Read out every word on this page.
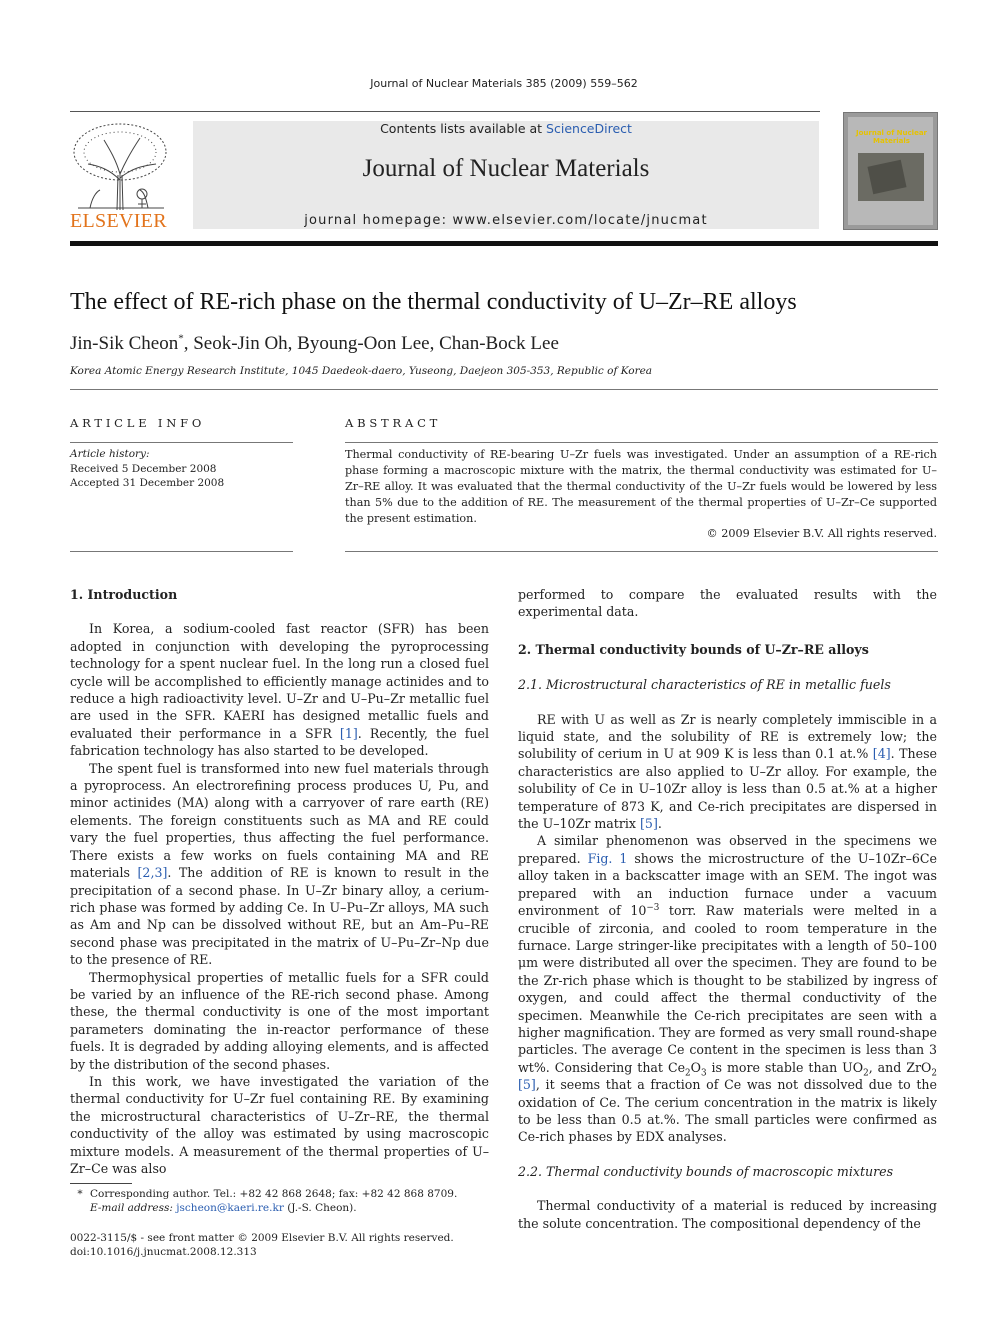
Journal of Nuclear Materials 385 (2009) 559–562
ELSEVIER
Contents lists available at ScienceDirect
Journal of Nuclear Materials
journal homepage: www.elsevier.com/locate/jnucmat
Journal of Nuclear Materials
The effect of RE-rich phase on the thermal conductivity of U–Zr–RE alloys
Jin-Sik Cheon*, Seok-Jin Oh, Byoung-Oon Lee, Chan-Bock Lee
Korea Atomic Energy Research Institute, 1045 Daedeok-daero, Yuseong, Daejeon 305-353, Republic of Korea
ARTICLE INFO
Article history:
Received 5 December 2008
Accepted 31 December 2008
ABSTRACT
Thermal conductivity of RE-bearing U–Zr fuels was investigated. Under an assumption of a RE-rich phase forming a macroscopic mixture with the matrix, the thermal conductivity was estimated for U–Zr–RE alloy. It was evaluated that the thermal conductivity of the U–Zr fuels would be lowered by less than 5% due to the addition of RE. The measurement of the thermal properties of U–Zr–Ce supported the present estimation.
© 2009 Elsevier B.V. All rights reserved.
1. Introduction

In Korea, a sodium-cooled fast reactor (SFR) has been adopted in conjunction with developing the pyroprocessing technology for a spent nuclear fuel. In the long run a closed fuel cycle will be accomplished to efficiently manage actinides and to reduce a high radioactivity level. U–Zr and U–Pu–Zr metallic fuel are used in the SFR. KAERI has designed metallic fuels and evaluated their performance in a SFR [1]. Recently, the fuel fabrication technology has also started to be developed.

The spent fuel is transformed into new fuel materials through a pyroprocess. An electrorefining process produces U, Pu, and minor actinides (MA) along with a carryover of rare earth (RE) elements. The foreign constituents such as MA and RE could vary the fuel properties, thus affecting the fuel performance. There exists a few works on fuels containing MA and RE materials [2,3]. The addition of RE is known to result in the precipitation of a second phase. In U–Zr binary alloy, a cerium-rich phase was formed by adding Ce. In U–Pu–Zr alloys, MA such as Am and Np can be dissolved without RE, but an Am–Pu–RE second phase was precipitated in the matrix of U–Pu–Zr–Np due to the presence of RE.

Thermophysical properties of metallic fuels for a SFR could be varied by an influence of the RE-rich second phase. Among these, the thermal conductivity is one of the most important parameters dominating the in-reactor performance of these fuels. It is degraded by adding alloying elements, and is affected by the distribution of the second phases.

In this work, we have investigated the variation of the thermal conductivity for U–Zr fuel containing RE. By examining the microstructural characteristics of U–Zr–RE, the thermal conductivity of the alloy was estimated by using macroscopic mixture models. A measurement of the thermal properties of U–Zr–Ce was also

performed to compare the evaluated results with the experimental data.

2. Thermal conductivity bounds of U–Zr–RE alloys
2.1. Microstructural characteristics of RE in metallic fuels

RE with U as well as Zr is nearly completely immiscible in a liquid state, and the solubility of RE is extremely low; the solubility of cerium in U at 909 K is less than 0.1 at.% [4]. These characteristics are also applied to U–Zr alloy. For example, the solubility of Ce in U–10Zr alloy is less than 0.5 at.% at a higher temperature of 873 K, and Ce-rich precipitates are dispersed in the U–10Zr matrix [5].

A similar phenomenon was observed in the specimens we prepared. Fig. 1 shows the microstructure of the U–10Zr–6Ce alloy taken in a backscatter image with an SEM. The ingot was prepared with an induction furnace under a vacuum environment of $10^{-3}$ torr. Raw materials were melted in a crucible of zirconia, and cooled to room temperature in the furnace. Large stringer-like precipitates with a length of 50–100 μm were distributed all over the specimen. They are found to be the Zr-rich phase which is thought to be stabilized by ingress of oxygen, and could affect the thermal conductivity of the specimen. Meanwhile the Ce-rich precipitates are seen with a higher magnification. They are formed as very small round-shape particles. The average Ce content in the specimen is less than 3 wt%. Considering that $Ce_2O_3$ is more stable than $UO_2$, and ZrO$_2$ [5], it seems that a fraction of Ce was not dissolved due to the oxidation of Ce. The cerium concentration in the matrix is likely to be less than 0.5 at.%. The small particles were confirmed as Ce-rich phases by EDX analyses.

2.2. Thermal conductivity bounds of macroscopic mixtures

Thermal conductivity of a material is reduced by increasing the solute concentration. The compositional dependency of the

* Corresponding author. Tel.: +82 42 868 2648; fax: +82 42 868 8709.
E-mail address: jscheon@kaeri.re.kr (J.-S. Cheon).
0022-3115/$ - see front matter © 2009 Elsevier B.V. All rights reserved.
doi:10.1016/j.jnucmat.2008.12.313
